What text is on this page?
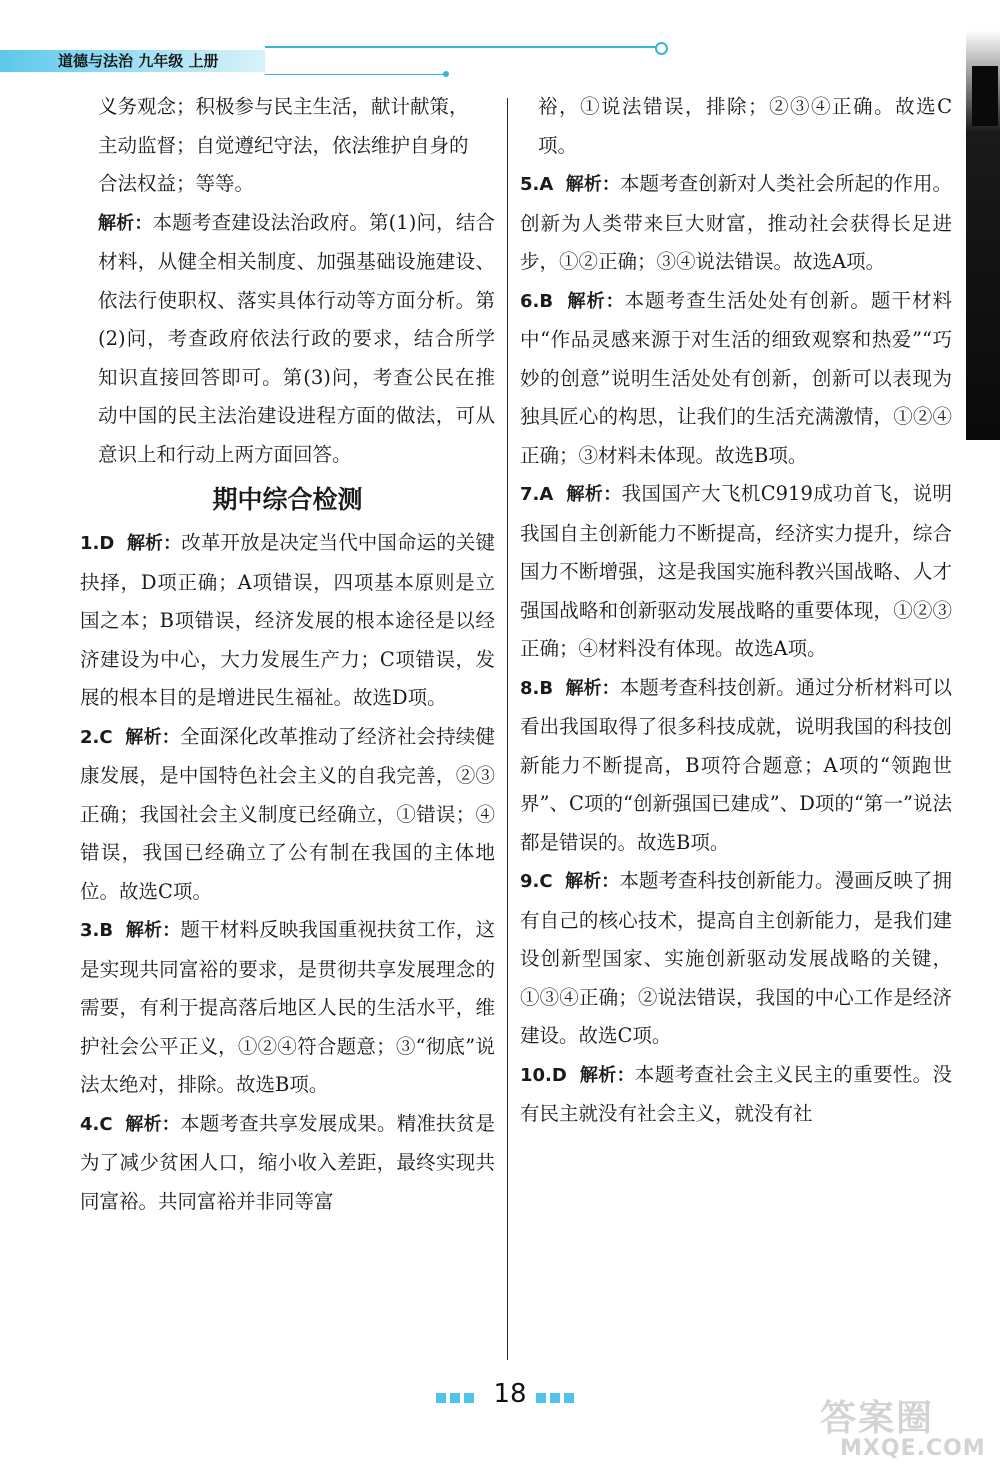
道德与法治 九年级 上册

义务观念；积极参与民主生活，献计献策，

主动监督；自觉遵纪守法，依法维护自身的

合法权益；等等。

解析：本题考查建设法治政府。第(1)问，结合材料，从健全相关制度、加强基础设施建设、依法行使职权、落实具体行动等方面分析。第(2)问，考查政府依法行政的要求，结合所学知识直接回答即可。第(3)问，考查公民在推动中国的民主法治建设进程方面的做法，可从意识上和行动上两方面回答。

期中综合检测

1.D 解析：改革开放是决定当代中国命运的关键抉择，D项正确；A项错误，四项基本原则是立国之本；B项错误，经济发展的根本途径是以经济建设为中心，大力发展生产力；C项错误，发展的根本目的是增进民生福祉。故选D项。

2.C 解析：全面深化改革推动了经济社会持续健康发展，是中国特色社会主义的自我完善，②③正确；我国社会主义制度已经确立，①错误；④错误，我国已经确立了公有制在我国的主体地位。故选C项。

3.B 解析：题干材料反映我国重视扶贫工作，这是实现共同富裕的要求，是贯彻共享发展理念的需要，有利于提高落后地区人民的生活水平，维护社会公平正义，①②④符合题意；③“彻底”说法太绝对，排除。故选B项。

4.C 解析：本题考查共享发展成果。精准扶贫是为了减少贫困人口，缩小收入差距，最终实现共同富裕。共同富裕并非同等富

裕，①说法错误，排除；②③④正确。故选C项。

5.A 解析：本题考查创新对人类社会所起的作用。创新为人类带来巨大财富，推动社会获得长足进步，①②正确；③④说法错误。故选A项。

6.B 解析：本题考查生活处处有创新。题干材料中“作品灵感来源于对生活的细致观察和热爱”“巧妙的创意”说明生活处处有创新，创新可以表现为独具匠心的构思，让我们的生活充满激情，①②④正确；③材料未体现。故选B项。

7.A 解析：我国国产大飞机C919成功首飞，说明我国自主创新能力不断提高，经济实力提升，综合国力不断增强，这是我国实施科教兴国战略、人才强国战略和创新驱动发展战略的重要体现，①②③正确；④材料没有体现。故选A项。

8.B 解析：本题考查科技创新。通过分析材料可以看出我国取得了很多科技成就，说明我国的科技创新能力不断提高，B项符合题意；A项的“领跑世界”、C项的“创新强国已建成”、D项的“第一”说法都是错误的。故选B项。

9.C 解析：本题考查科技创新能力。漫画反映了拥有自己的核心技术，提高自主创新能力，是我们建设创新型国家、实施创新驱动发展战略的关键，①③④正确；②说法错误，我国的中心工作是经济建设。故选C项。

10.D 解析：本题考查社会主义民主的重要性。没有民主就没有社会主义，就没有社

18
答案圈
MXQE.COM
